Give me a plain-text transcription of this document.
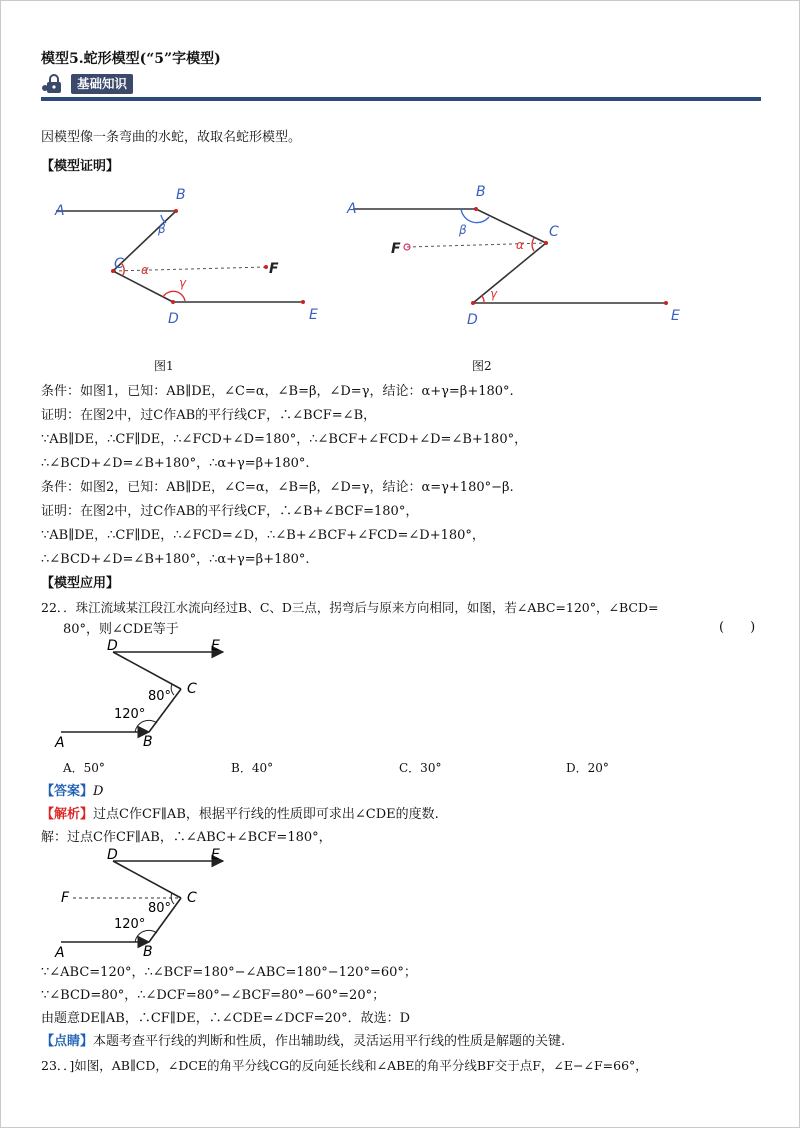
模型5.蛇形模型(“5”字模型)
基础知识
因模型像一条弯曲的水蛇，故取名蛇形模型。
【模型证明】
A
B
C
D	E
F
β
α
γ
图1
A
B
C
D	E
F
β
α
γ
图2
条件：如图1，已知：AB∥DE，∠C=α，∠B=β，∠D=γ，结论：α+γ=β+180°.
证明：在图2中，过C作AB的平行线CF，∴∠BCF=∠B，
∵AB∥DE，∴CF∥DE，∴∠FCD+∠D=180°，∴∠BCF+∠FCD+∠D=∠B+180°，
∴∠BCD+∠D=∠B+180°，∴α+γ=β+180°.
条件：如图2，已知：AB∥DE，∠C=α，∠B=β，∠D=γ，结论：α=γ+180°−β.
证明：在图2中，过C作AB的平行线CF，∴∠B+∠BCF=180°，
∵AB∥DE，∴CF∥DE，∴∠FCD=∠D，∴∠B+∠BCF+∠FCD=∠D+180°，
∴∠BCD+∠D=∠B+180°，∴α+γ=β+180°.
【模型应用】
22．．珠江流域某江段江水流向经过B、C、D三点，拐弯后与原来方向相同，如图，若∠ABC=120°，∠BCD=
80°，则∠CDE等于	(　　)
A	B
C
D	E
80°
120°
A．50°	B．40°	C．30°	D．20°
【答案】D
【解析】过点C作CF∥AB，根据平行线的性质即可求出∠CDE的度数.
解：过点C作CF∥AB，∴∠ABC+∠BCF=180°，
A	B
C
D	E
F
80°
120°
∵∠ABC=120°，∴∠BCF=180°−∠ABC=180°−120°=60°；
∵∠BCD=80°，∴∠DCF=80°−∠BCF=80°−60°=20°；
由题意DE∥AB，∴CF∥DE，∴∠CDE=∠DCF=20°．故选：D
【点睛】本题考查平行线的判断和性质，作出辅助线，灵活运用平行线的性质是解题的关键.
23．．]如图，AB∥CD，∠DCE的角平分线CG的反向延长线和∠ABE的角平分线BF交于点F，∠E−∠F=66°，
